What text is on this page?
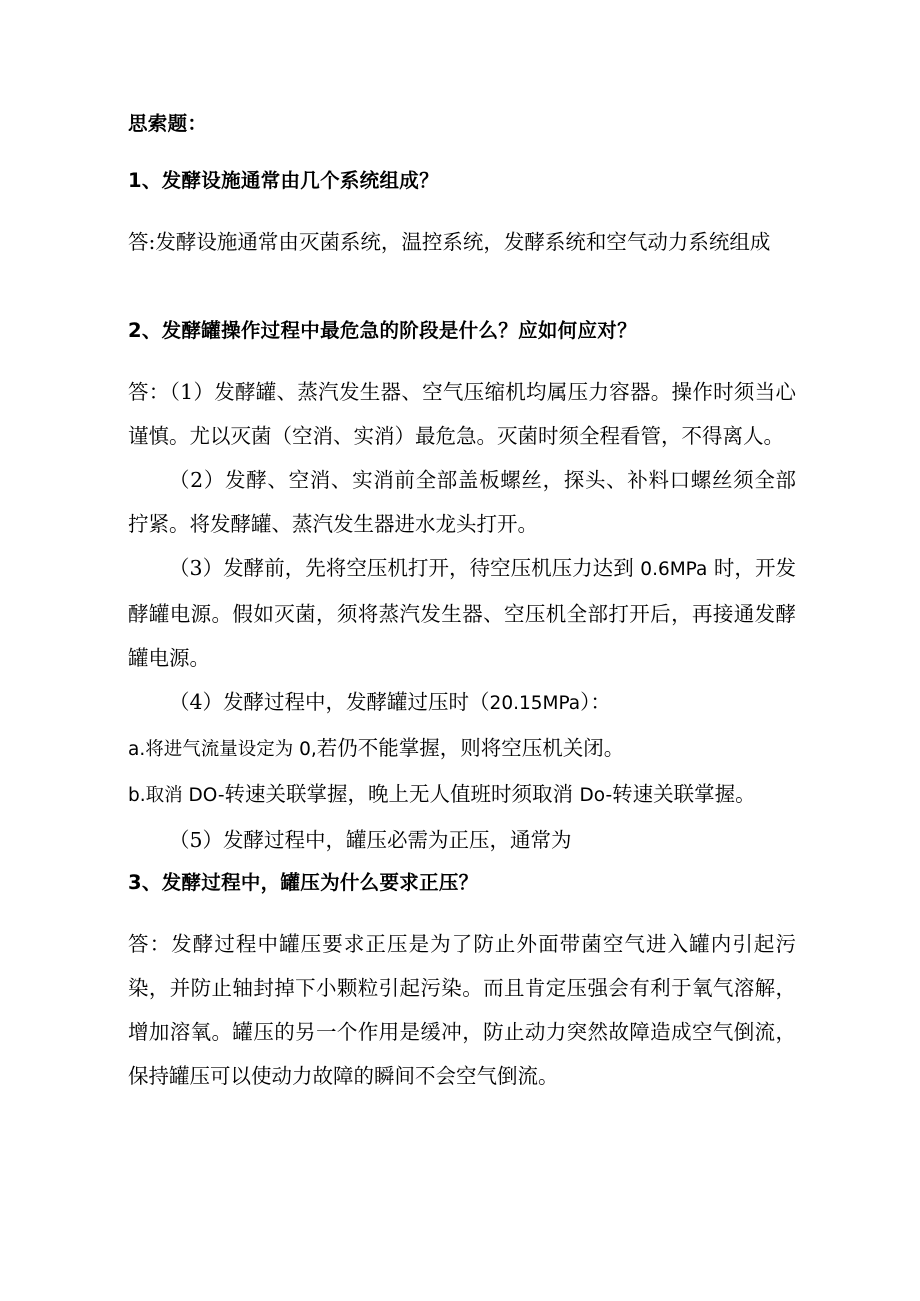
思索题：
1、发酵设施通常由几个系统组成？
答:发酵设施通常由灭菌系统，温控系统，发酵系统和空气动力系统组成
2、发酵罐操作过程中最危急的阶段是什么？应如何应对？
答：（1）发酵罐、蒸汽发生器、空气压缩机均属压力容器。操作时须当心谨慎。尤以灭菌（空消、实消）最危急。灭菌时须全程看管，不得离人。
（2）发酵、空消、实消前全部盖板螺丝，探头、补料口螺丝须全部拧紧。将发酵罐、蒸汽发生器进水龙头打开。
（3）发酵前，先将空压机打开，待空压机压力达到 0.6MPa 时，开发酵罐电源。假如灭菌，须将蒸汽发生器、空压机全部打开后，再接通发酵罐电源。
（4）发酵过程中，发酵罐过压时（20.15MPa）：
a.将进气流量设定为 0,若仍不能掌握，则将空压机关闭。
b.取消 DO-转速关联掌握，晚上无人值班时须取消 Do-转速关联掌握。
（5）发酵过程中，罐压必需为正压，通常为
3、发酵过程中，罐压为什么要求正压？
答：发酵过程中罐压要求正压是为了防止外面带菌空气进入罐内引起污染，并防止轴封掉下小颗粒引起污染。而且肯定压强会有利于氧气溶解，增加溶氧。罐压的另一个作用是缓冲，防止动力突然故障造成空气倒流，保持罐压可以使动力故障的瞬间不会空气倒流。
